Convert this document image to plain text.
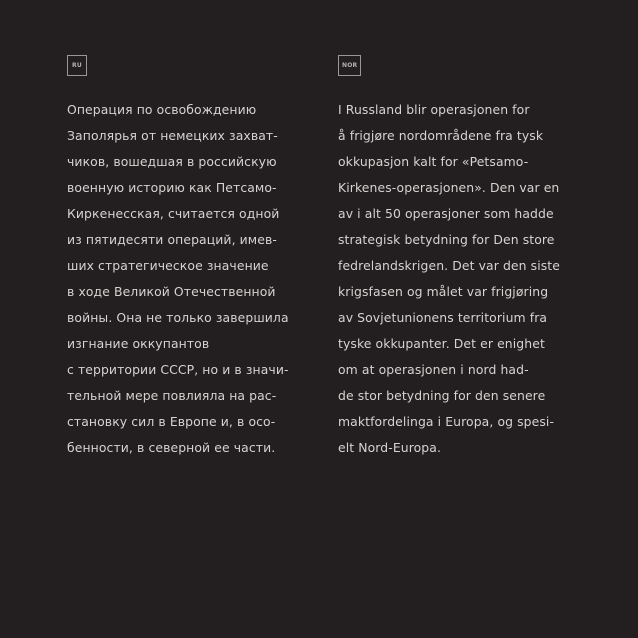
RU
Операция по освобождению
Заполярья от немецких захват-
чиков, вошедшая в российскую
военную историю как Петсамо-
Киркенесская, считается одной
из пятидесяти операций, имев-
ших стратегическое значение
в ходе Великой Отечественной
войны. Она не только завершила
изгнание оккупантов
с территории СССР, но и в значи-
тельной мере повлияла на рас-
становку сил в Европе и, в осо-
бенности, в северной ее части.
NOR
I Russland blir operasjonen for
å frigjøre nordområdene fra tysk
okkupasjon kalt for «Petsamo-
Kirkenes-operasjonen». Den var en
av i alt 50 operasjoner som hadde
strategisk betydning for Den store
fedrelandskrigen. Det var den siste
krigsfasen og målet var frigjøring
av Sovjetunionens territorium fra
tyske okkupanter. Det er enighet
om at operasjonen i nord had-
de stor betydning for den senere
maktfordelinga i Europa, og spesi-
elt Nord-Europa.
